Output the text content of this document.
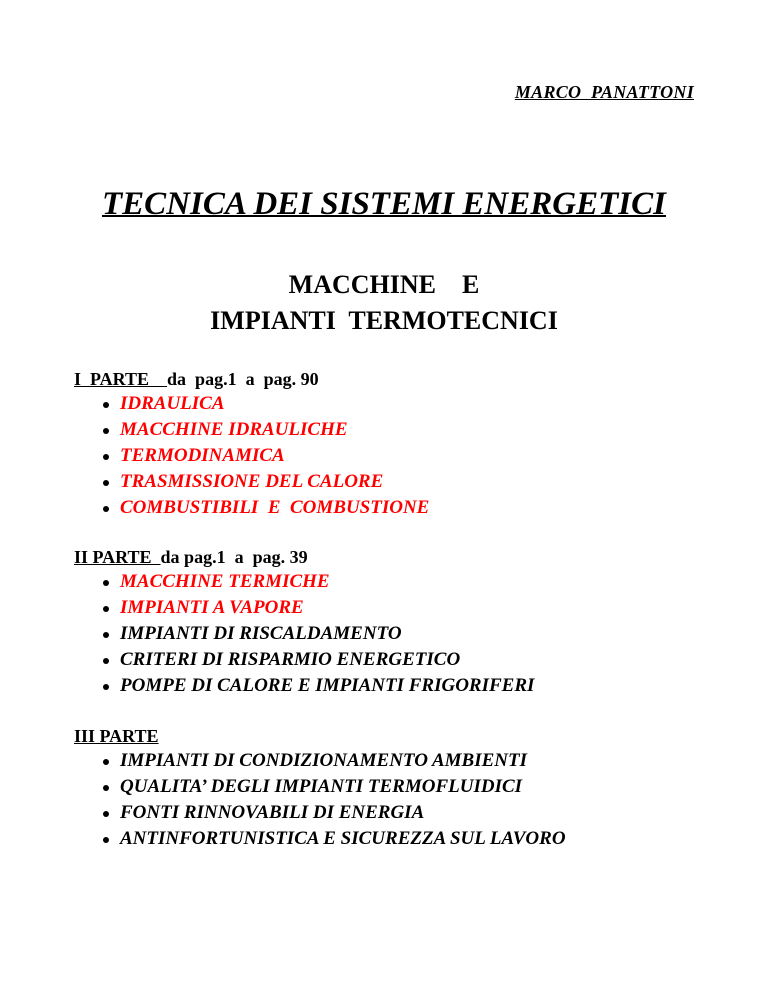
MARCO  PANATTONI
TECNICA DEI SISTEMI ENERGETICI
MACCHINE    E
IMPIANTI  TERMOTECNICI
I  PARTE    da  pag.1  a  pag. 90
IDRAULICA
MACCHINE IDRAULICHE
TERMODINAMICA
TRASMISSIONE DEL CALORE
COMBUSTIBILI  E  COMBUSTIONE
II PARTE  da pag.1  a  pag. 39
MACCHINE TERMICHE
IMPIANTI A VAPORE
IMPIANTI DI RISCALDAMENTO
CRITERI DI RISPARMIO ENERGETICO
POMPE DI CALORE E IMPIANTI FRIGORIFERI
III PARTE
IMPIANTI DI CONDIZIONAMENTO AMBIENTI
QUALITA’ DEGLI IMPIANTI TERMOFLUIDICI
FONTI RINNOVABILI DI ENERGIA
ANTINFORTUNISTICA E SICUREZZA SUL LAVORO
